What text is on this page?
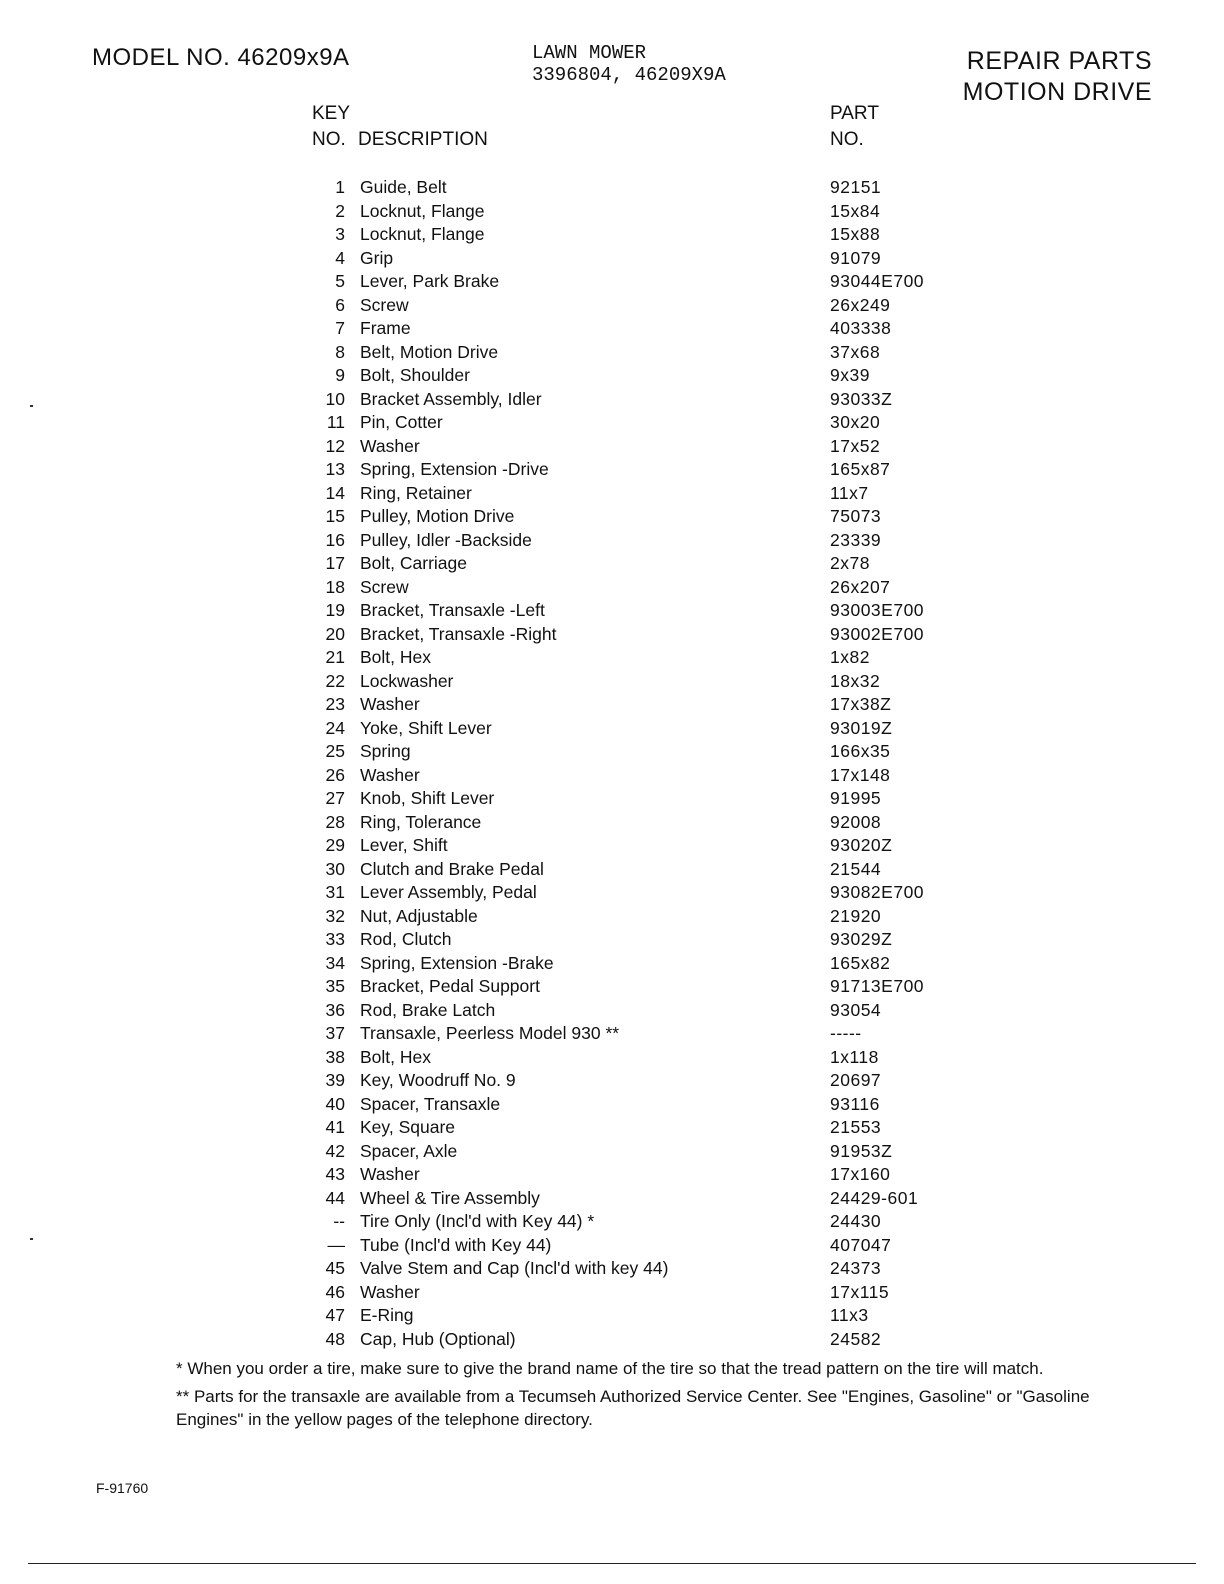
MODEL NO. 46209x9A	LAWN MOWER
3396804, 46209X9A	REPAIR PARTS
MOTION DRIVE
KEY
NO. DESCRIPTION
PART
NO.
1 Guide, Belt	92151
2 Locknut, Flange	15x84
3 Locknut, Flange	15x88
4 Grip	91079
5 Lever, Park Brake	93044E700
6 Screw	26x249
7 Frame	403338
8 Belt, Motion Drive	37x68
9 Bolt, Shoulder	9x39
10 Bracket Assembly, Idler	93033Z
11 Pin, Cotter	30x20
12 Washer	17x52
13 Spring, Extension -Drive	165x87
14 Ring, Retainer	11x7
15 Pulley, Motion Drive	75073
16 Pulley, Idler -Backside	23339
17 Bolt, Carriage	2x78
18 Screw	26x207
19 Bracket, Transaxle -Left	93003E700
20 Bracket, Transaxle -Right	93002E700
21 Bolt, Hex	1x82
22 Lockwasher	18x32
23 Washer	17x38Z
24 Yoke, Shift Lever	93019Z
25 Spring	166x35
26 Washer	17x148
27 Knob, Shift Lever	91995
28 Ring, Tolerance	92008
29 Lever, Shift	93020Z
30 Clutch and Brake Pedal	21544
31 Lever Assembly, Pedal	93082E700
32 Nut, Adjustable	21920
33 Rod, Clutch	93029Z
34 Spring, Extension -Brake	165x82
35 Bracket, Pedal Support	91713E700
36 Rod, Brake Latch	93054
37 Transaxle, Peerless Model 930 **	-----
38 Bolt, Hex	1x118
39 Key, Woodruff No. 9	20697
40 Spacer, Transaxle	93116
41 Key, Square	21553
42 Spacer, Axle	91953Z
43 Washer	17x160
44 Wheel & Tire Assembly	24429-601
-- Tire Only (Incl'd with Key 44) *	24430
— Tube (Incl'd with Key 44)	407047
45 Valve Stem and Cap (Incl'd with key 44)	24373
46 Washer	17x115
47 E-Ring	11x3
48 Cap, Hub (Optional)	24582

* When you order a tire, make sure to give the brand name of the tire so that the tread pattern on the tire will match.

** Parts for the transaxle are available from a Tecumseh Authorized Service Center. See "Engines, Gasoline" or "Gasoline Engines" in the yellow pages of the telephone directory.

F-91760
